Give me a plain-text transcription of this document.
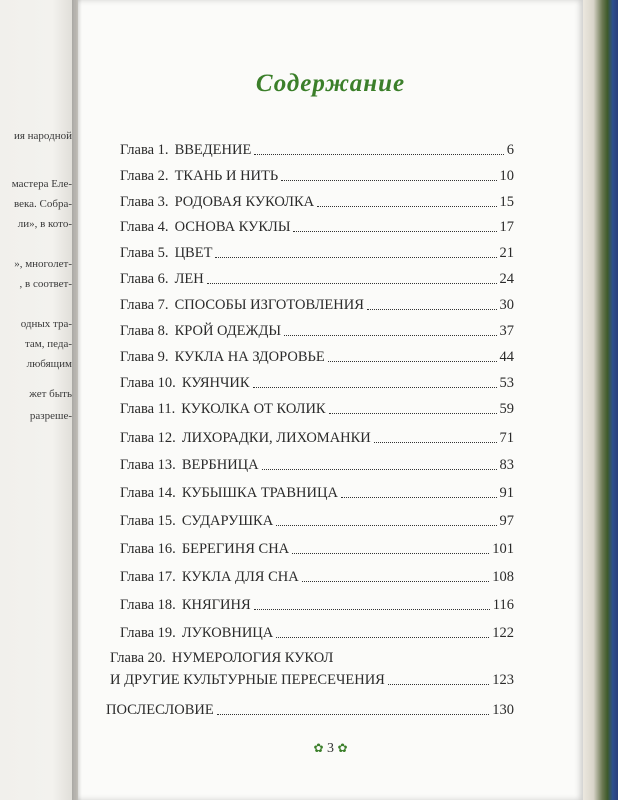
ия народной
мастера Еле-
века. Собра-
ли», в кото-
», многолет-
, в соответ-
одных тра-
там, педа-
любящим
жет быть
разреше-
Содержание
Глава 1. ВВЕДЕНИЕ	6
Глава 2. ТКАНЬ И НИТЬ	10
Глава 3. РОДОВАЯ КУКОЛКА	15
Глава 4. ОСНОВА КУКЛЫ	17
Глава 5. ЦВЕТ	21
Глава 6. ЛЕН	24
Глава 7. СПОСОБЫ ИЗГОТОВЛЕНИЯ	30
Глава 8. КРОЙ ОДЕЖДЫ	37
Глава 9. КУКЛА НА ЗДОРОВЬЕ	44
Глава 10. КУЯНЧИК	53
Глава 11. КУКОЛКА ОТ КОЛИК	59
Глава 12. ЛИХОРАДКИ, ЛИХОМАНКИ	71
Глава 13. ВЕРБНИЦА	83
Глава 14. КУБЫШКА ТРАВНИЦА	91
Глава 15. СУДАРУШКА	97
Глава 16. БЕРЕГИНЯ СНА	101
Глава 17. КУКЛА ДЛЯ СНА	108
Глава 18. КНЯГИНЯ	116
Глава 19. ЛУКОВНИЦА	122
Глава 20. НУМЕРОЛОГИЯ КУКОЛ
И ДРУГИЕ КУЛЬТУРНЫЕ ПЕРЕСЕЧЕНИЯ	123
ПОСЛЕСЛОВИЕ	130
✿ 3 ✿
